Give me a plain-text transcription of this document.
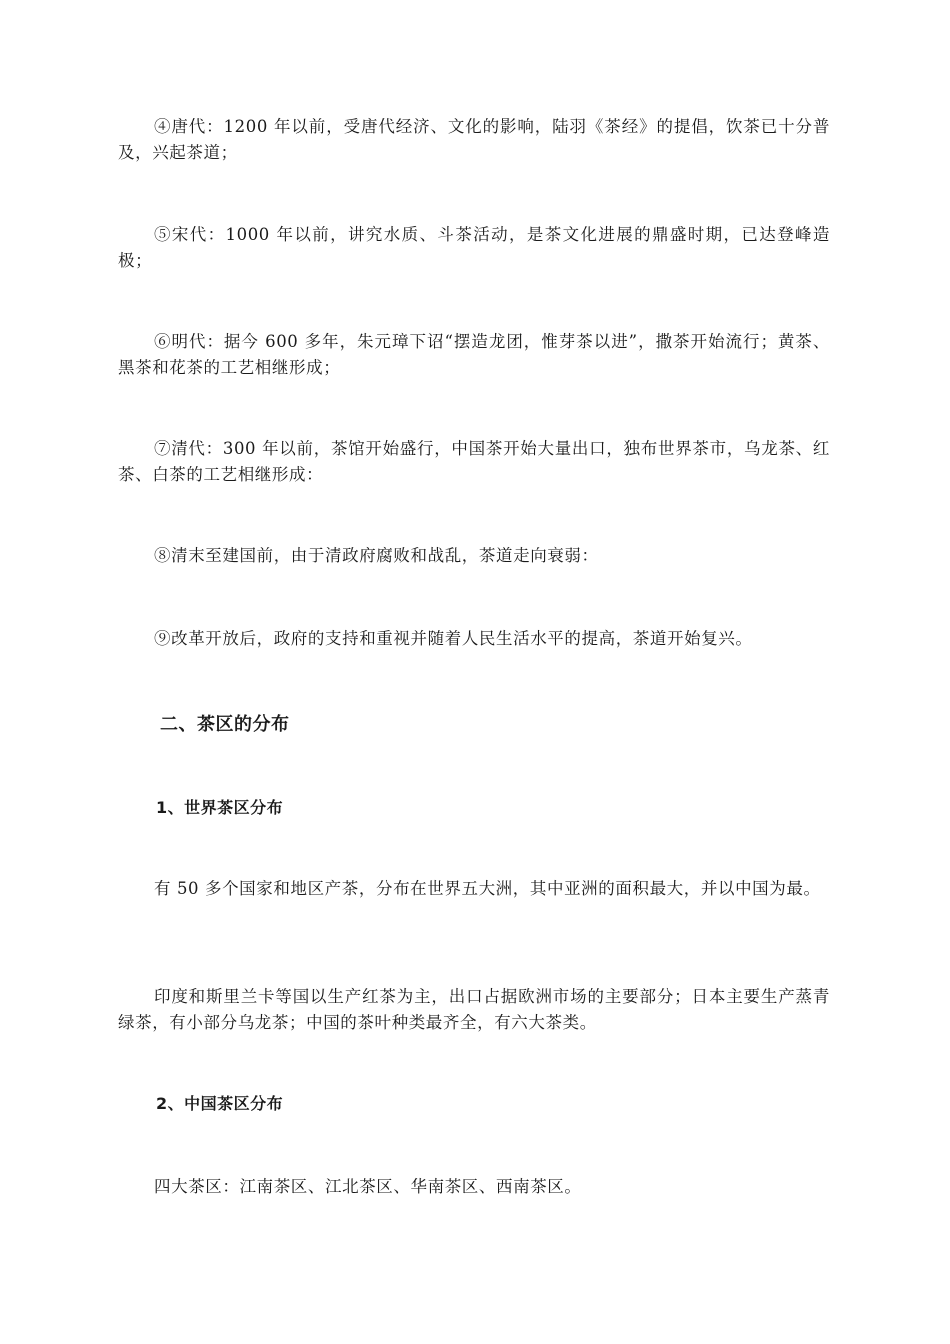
④唐代：1200 年以前，受唐代经济、文化的影响，陆羽《茶经》的提倡，饮茶已十分普及，兴起茶道；

⑤宋代：1000 年以前，讲究水质、斗茶活动，是茶文化进展的鼎盛时期，已达登峰造极；

⑥明代：据今 600 多年，朱元璋下诏“摆造龙团，惟芽茶以进”，撒茶开始流行；黄茶、黑茶和花茶的工艺相继形成；

⑦清代：300 年以前，茶馆开始盛行，中国茶开始大量出口，独布世界茶市，乌龙茶、红茶、白茶的工艺相继形成：

⑧清末至建国前，由于清政府腐败和战乱，茶道走向衰弱：

⑨改革开放后，政府的支持和重视并随着人民生活水平的提高，茶道开始复兴。

二、茶区的分布
1、世界茶区分布

有 50 多个国家和地区产茶，分布在世界五大洲，其中亚洲的面积最大，并以中国为最。

印度和斯里兰卡等国以生产红茶为主，出口占据欧洲市场的主要部分；日本主要生产蒸青绿茶，有小部分乌龙茶；中国的茶叶种类最齐全，有六大茶类。

2、中国茶区分布

四大茶区：江南茶区、江北茶区、华南茶区、西南茶区。
